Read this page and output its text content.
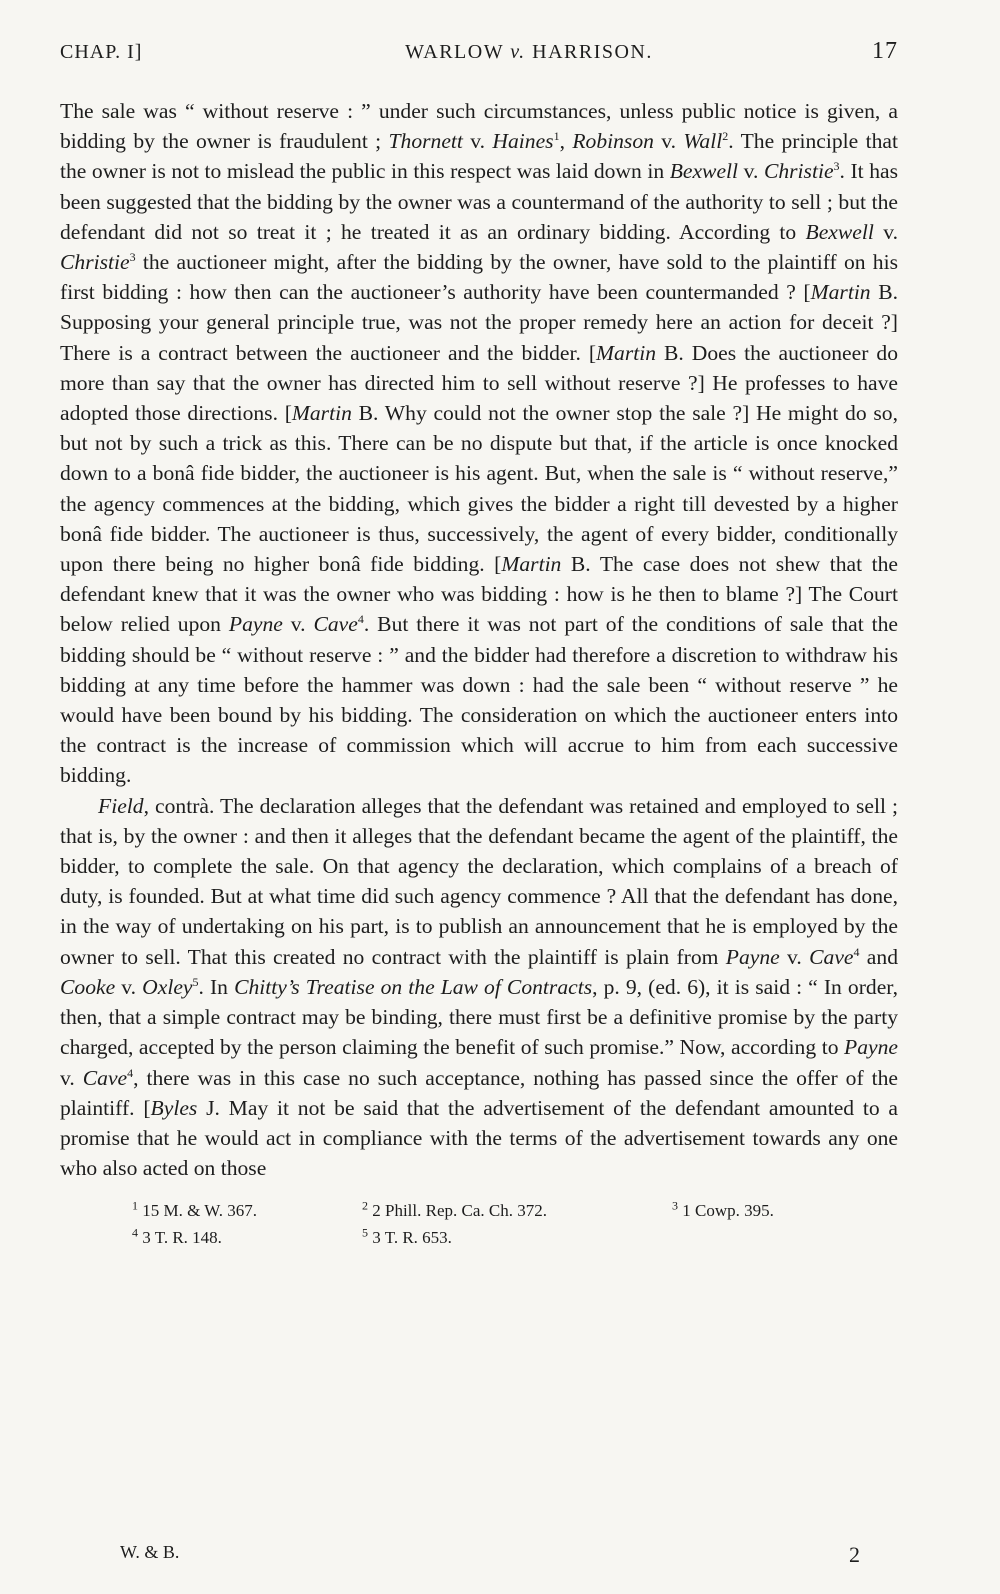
CHAP. I]	WARLOW v. HARRISON.	17

The sale was “ without reserve : ” under such circumstances, unless public notice is given, a bidding by the owner is fraudulent ; Thornett v. Haines$^1$, Robinson v. Wall$^2$. The principle that the owner is not to mislead the public in this respect was laid down in Bexwell v. Christie$^3$. It has been suggested that the bidding by the owner was a countermand of the authority to sell ; but the defendant did not so treat it ; he treated it as an ordinary bidding. According to Bexwell v. Christie$^3$ the auctioneer might, after the bidding by the owner, have sold to the plaintiff on his first bidding : how then can the auctioneer’s authority have been countermanded ? [Martin B. Supposing your general principle true, was not the proper remedy here an action for deceit ?] There is a contract between the auctioneer and the bidder. [Martin B. Does the auctioneer do more than say that the owner has directed him to sell without reserve ?] He professes to have adopted those directions. [Martin B. Why could not the owner stop the sale ?] He might do so, but not by such a trick as this. There can be no dispute but that, if the article is once knocked down to a bonâ fide bidder, the auctioneer is his agent. But, when the sale is “ without reserve,” the agency commences at the bidding, which gives the bidder a right till devested by a higher bonâ fide bidder. The auctioneer is thus, successively, the agent of every bidder, conditionally upon there being no higher bonâ fide bidding. [Martin B. The case does not shew that the defendant knew that it was the owner who was bidding : how is he then to blame ?] The Court below relied upon Payne v. Cave$^4$. But there it was not part of the conditions of sale that the bidding should be “ without reserve : ” and the bidder had therefore a discretion to withdraw his bidding at any time before the hammer was down : had the sale been “ without reserve ” he would have been bound by his bidding. The consideration on which the auctioneer enters into the contract is the increase of commission which will accrue to him from each successive bidding.

Field, contrà. The declaration alleges that the defendant was retained and employed to sell ; that is, by the owner : and then it alleges that the defendant became the agent of the plaintiff, the bidder, to complete the sale. On that agency the declaration, which complains of a breach of duty, is founded. But at what time did such agency commence ? All that the defendant has done, in the way of undertaking on his part, is to publish an announcement that he is employed by the owner to sell. That this created no contract with the plaintiff is plain from Payne v. Cave$^4$ and Cooke v. Oxley$^5$. In Chitty’s Treatise on the Law of Contracts, p. 9, (ed. 6), it is said : “ In order, then, that a simple contract may be binding, there must first be a definitive promise by the party charged, accepted by the person claiming the benefit of such promise.” Now, according to Payne v. Cave$^4$, there was in this case no such acceptance, nothing has passed since the offer of the plaintiff. [Byles J. May it not be said that the advertisement of the defendant amounted to a promise that he would act in compliance with the terms of the advertisement towards any one who also acted on those

$^1$ 15 M. & W. 367.	$^2$ 2 Phill. Rep. Ca. Ch. 372.	$^3$ 1 Cowp. 395.
$^4$ 3 T. R. 148.	$^5$ 3 T. R. 653.
W. & B.	2
